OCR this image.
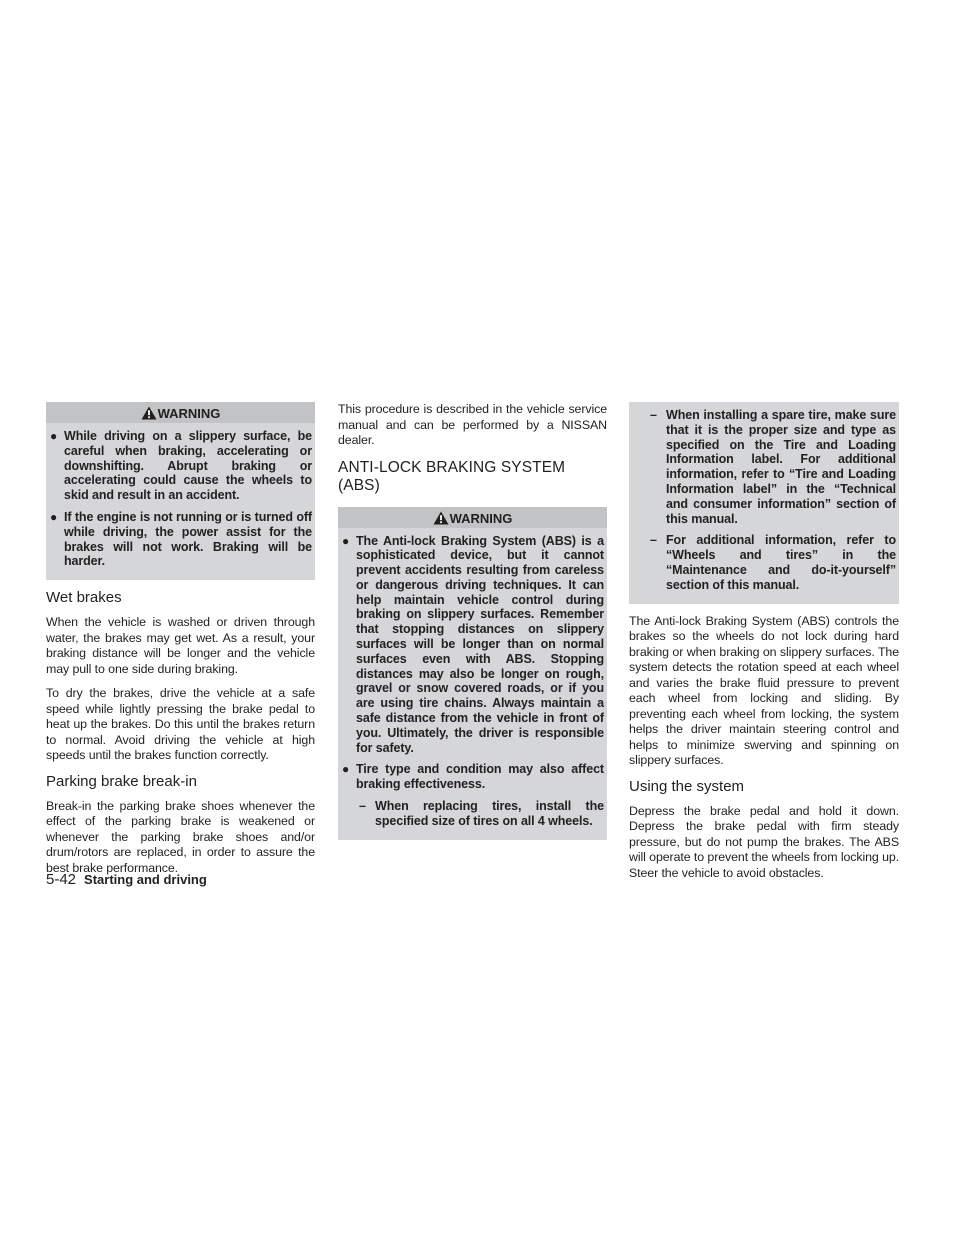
WARNING
● While driving on a slippery surface, be careful when braking, accelerating or downshifting. Abrupt braking or accelerating could cause the wheels to skid and result in an accident.
● If the engine is not running or is turned off while driving, the power assist for the brakes will not work. Braking will be harder.
Wet brakes

When the vehicle is washed or driven through water, the brakes may get wet. As a result, your braking distance will be longer and the vehicle may pull to one side during braking.

To dry the brakes, drive the vehicle at a safe speed while lightly pressing the brake pedal to heat up the brakes. Do this until the brakes return to normal. Avoid driving the vehicle at high speeds until the brakes function correctly.

Parking brake break-in

Break-in the parking brake shoes whenever the effect of the parking brake is weakened or whenever the parking brake shoes and/or drum/rotors are replaced, in order to assure the best brake performance.

This procedure is described in the vehicle service manual and can be performed by a NISSAN dealer.

ANTI-LOCK BRAKING SYSTEM (ABS)
WARNING
● The Anti-lock Braking System (ABS) is a sophisticated device, but it cannot prevent accidents resulting from careless or dangerous driving techniques. It can help maintain vehicle control during braking on slippery surfaces. Remember that stopping distances on slippery surfaces will be longer than on normal surfaces even with ABS. Stopping distances may also be longer on rough, gravel or snow covered roads, or if you are using tire chains. Always maintain a safe distance from the vehicle in front of you. Ultimately, the driver is responsible for safety.
● Tire type and condition may also affect braking effectiveness.
– When replacing tires, install the specified size of tires on all 4 wheels.
– When installing a spare tire, make sure that it is the proper size and type as specified on the Tire and Loading Information label. For additional information, refer to “Tire and Loading Information label” in the “Technical and consumer information” section of this manual.
– For additional information, refer to “Wheels and tires” in the “Maintenance and do-it-yourself” section of this manual.

The Anti-lock Braking System (ABS) controls the brakes so the wheels do not lock during hard braking or when braking on slippery surfaces. The system detects the rotation speed at each wheel and varies the brake fluid pressure to prevent each wheel from locking and sliding. By preventing each wheel from locking, the system helps the driver maintain steering control and helps to minimize swerving and spinning on slippery surfaces.

Using the system

Depress the brake pedal and hold it down. Depress the brake pedal with firm steady pressure, but do not pump the brakes. The ABS will operate to prevent the wheels from locking up. Steer the vehicle to avoid obstacles.

5-42 Starting and driving
